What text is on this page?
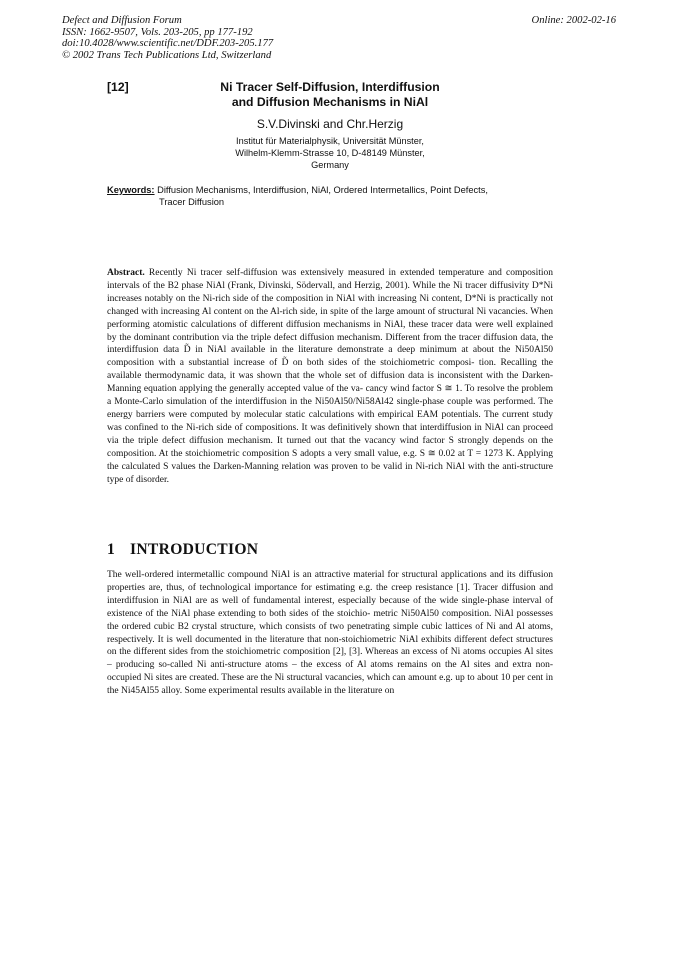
Defect and Diffusion Forum
ISSN: 1662-9507, Vols. 203-205, pp 177-192
doi:10.4028/www.scientific.net/DDF.203-205.177
© 2002 Trans Tech Publications Ltd, Switzerland
Online: 2002-02-16
[12]	Ni Tracer Self-Diffusion, Interdiffusion
and Diffusion Mechanisms in NiAl
S.V.Divinski and Chr.Herzig
Institut für Materialphysik, Universität Münster,
Wilhelm-Klemm-Strasse 10, D-48149 Münster,
Germany
Keywords: Diffusion Mechanisms, Interdiffusion, NiAl, Ordered Intermetallics, Point Defects,
Tracer Diffusion
Abstract. Recently Ni tracer self-diffusion was extensively measured in extended temperature and composition intervals of the B2 phase NiAl (Frank, Divinski, Södervall, and Herzig, 2001). While the Ni tracer diffusivity D*Ni increases notably on the Ni-rich side of the composition in NiAl with increasing Ni content, D*Ni is practically not changed with increasing Al content on the Al-rich side, in spite of the large amount of structural Ni vacancies. When performing atomistic calculations of different diffusion mechanisms in NiAl, these tracer data were well explained by the dominant contribution via the triple defect diffusion mechanism. Different from the tracer diffusion data, the interdiffusion data D̃ in NiAl available in the literature demonstrate a deep minimum at about the Ni50Al50 composition with a substantial increase of D̃ on both sides of the stoichiometric composi- tion. Recalling the available thermodynamic data, it was shown that the whole set of diffusion data is inconsistent with the Darken-Manning equation applying the generally accepted value of the va- cancy wind factor S ≅ 1. To resolve the problem a Monte-Carlo simulation of the interdiffusion in the Ni50Al50/Ni58Al42 single-phase couple was performed. The energy barriers were computed by molecular static calculations with empirical EAM potentials. The current study was confined to the Ni-rich side of compositions. It was definitively shown that interdiffusion in NiAl can proceed via the triple defect diffusion mechanism. It turned out that the vacancy wind factor S strongly depends on the composition. At the stoichiometric composition S adopts a very small value, e.g. S ≅ 0.02 at T = 1273 K. Applying the calculated S values the Darken-Manning relation was proven to be valid in Ni-rich NiAl with the anti-structure type of disorder.
1 INTRODUCTION
The well-ordered intermetallic compound NiAl is an attractive material for structural applications and its diffusion properties are, thus, of technological importance for estimating e.g. the creep resistance [1]. Tracer diffusion and interdiffusion in NiAl are as well of fundamental interest, especially because of the wide single-phase interval of existence of the NiAl phase extending to both sides of the stoichio- metric Ni50Al50 composition. NiAl possesses the ordered cubic B2 crystal structure, which consists of two penetrating simple cubic lattices of Ni and Al atoms, respectively. It is well documented in the literature that non-stoichiometric NiAl exhibits different defect structures on the different sides from the stoichiometric composition [2], [3]. Whereas an excess of Ni atoms occupies Al sites – producing so-called Ni anti-structure atoms – the excess of Al atoms remains on the Al sites and extra non-occupied Ni sites are created. These are the Ni structural vacancies, which can amount e.g. up to about 10 per cent in the Ni45Al55 alloy. Some experimental results available in the literature on
